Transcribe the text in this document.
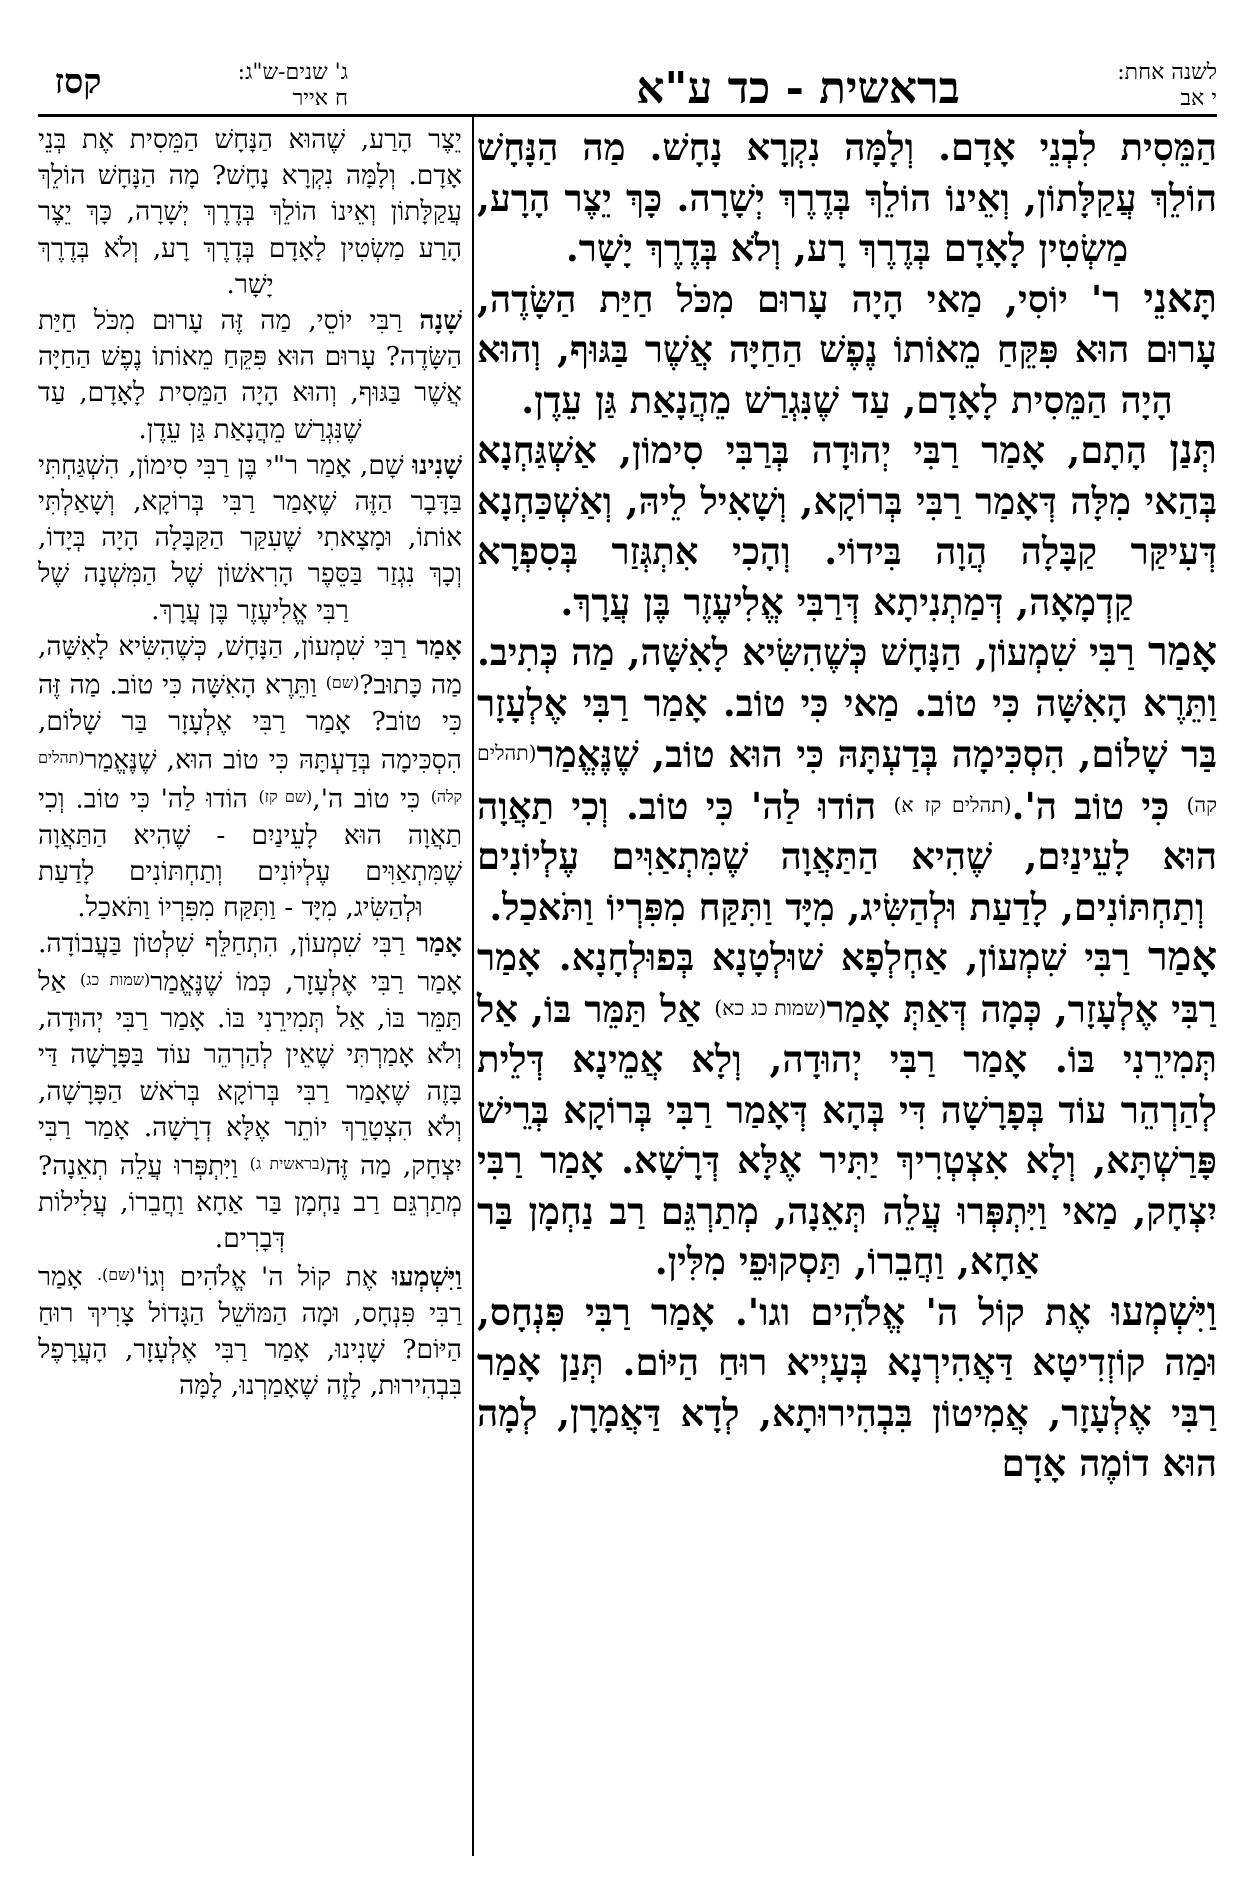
לשנה אחת:
י אב
בראשית - כד ע"א
ג' שנים-ש"ג:
ח אייר
קסז

הַמֵּסִית לִבְנֵי אָדָם. וְלָמָּה נִקְרָא נָחָשׁ. מַה הַנָּחָשׁ הוֹלֵךְ עֲקַלָּתוֹן, וְאֵינוֹ הוֹלֵךְ בְּדֶרֶךְ יְשָׁרָה. כָּךְ יֵצֶר הָרָע, מַשְׂטִין לָאָדָם בְּדֶרֶךְ רָע, וְלֹא בְּדֶרֶךְ יָשָׁר.

תָּאנֵי ר' יוֹסִי, מַאי הָיָה עָרוּם מִכֹּל חַיַּת הַשָּׂדֶה, עָרוּם הוּא פִּקֵּחַ מֵאוֹתוֹ נֶפֶשׁ הַחַיָּה אֲשֶׁר בַּגּוּף, וְהוּא הָיָה הַמֵּסִית לָאָדָם, עַד שֶׁנִּגְרַשׁ מֵהֲנָאַת גַּן עֵדֶן.

תְּנַן הָתָם, אָמַר רַבִּי יְהוּדָה בְּרַבִּי סִימוֹן, אַשְׁגַּחְנָא בְּהַאי מִלָּה דְּאָמַר רַבִּי בְּרוֹקָא, וְשָׁאִיל לֵיהּ, וְאַשְׁכַּחְנָא דְּעִיקַּר קַבָּלָה הֲוָה בִּידוֹי. וְהָכִי אִתְגְּזַר בְּסִפְרָא קַדְמָאָה, דְּמַתְנִיתָא דְּרַבִּי אֱלִיעֶזֶר בֶּן עֲרָךְ.

אָמַר רַבִּי שִׁמְעוֹן, הַנָּחָשׁ כְּשֶׁהִשִּׂיא לָאִשָּׁה, מַה כְּתִיב. וַתֵּרֶא הָאִשָּׁה כִּי טוֹב. מַאי כִּי טוֹב. אָמַר רַבִּי אֶלְעָזָר בַּר שָׁלוֹם, הִסְכִּימָה בְּדַעְתָּהּ כִּי הוּא טוֹב, שֶׁנֶּאֱמַר(תהלים קה) כִּי טוֹב ה'.(תהלים קז א) הוֹדוּ לַה' כִּי טוֹב. וְכִי תַאֲוָה הוּא לָעֵינַיִם, שֶׁהִיא הַתַּאֲוָה שֶׁמִּתְאַוִּים עֶלְיוֹנִים וְתַחְתּוֹנִים, לָדַעַת וּלְהַשִּׂיג, מִיָּד וַתִּקַּח מִפִּרְיוֹ וַתֹּאכַל.

אָמַר רַבִּי שִׁמְעוֹן, אַחְלְפָא שׁוּלְטָנָא בְּפוּלְחָנָא. אָמַר רַבִּי אֶלְעָזָר, כְּמָה דְּאַתְּ אָמַר(שמות כג כא) אַל תַּמֵּר בּוֹ, אַל תְּמִירֵנִי בּוֹ. אָמַר רַבִּי יְהוּדָה, וְלָא אֲמֵינָא דְּלֵית לְהַרְהֵר עוֹד בְּפָרָשָׁה דִּי בְּהָא דְּאָמַר רַבִּי בְּרוֹקָא בְּרֵישׁ פָּרַשְׁתָּא, וְלָא אִצְטְרִיךְ יַתִּיר אֶלָּא דְּרָשָׁא. אָמַר רַבִּי יִצְחָק, מַאי וַיִּתְפְּרוּ עֲלֵה תְּאֵנָה, מְתַרְגֵּם רַב נַחְמָן בַּר אַחָא, וַחֲבֵרוֹ, תַּסְקוּפֵי מִלִּין.

וַיִּשְׁמְעוּ אֶת קוֹל ה' אֱלֹהִים וגו'. אָמַר רַבִּי פִּנְחָס, וּמַה קוֹזְדִיטָא דַּאֲהִירְנָא בְּעָיְיא רוּחַ הַיּוֹם. תְּנַן אָמַר רַבִּי אֶלְעָזָר, אֲמִיטוֹן בִּבְהִירוּתָא, לְדָא דַּאֲמָרָן, לְמָה הוּא דוֹמֶה אָדָם

יֵצֶר הָרַע, שֶׁהוּא הַנָּחָשׁ הַמֵּסִית אֶת בְּנֵי אָדָם. וְלָמָּה נִקְרָא נָחָשׁ? מָה הַנָּחָשׁ הוֹלֵךְ עֲקַלָּתוֹן וְאֵינוֹ הוֹלֵךְ בְּדֶרֶךְ יְשָׁרָה, כָּךְ יֵצֶר הָרַע מַשְׂטִין לָאָדָם בְּדֶרֶךְ רָע, וְלֹא בְּדֶרֶךְ יָשָׁר.

שָׁנָה רַבִּי יוֹסֵי, מַה זֶּה עָרוּם מִכֹּל חַיַּת הַשָּׂדֶה? עָרוּם הוּא פִּקֵּחַ מֵאוֹתוֹ נֶפֶשׁ הַחַיָּה אֲשֶׁר בַּגּוּף, וְהוּא הָיָה הַמֵּסִית לָאָדָם, עַד שֶׁנִּגְרַשׁ מֵהֲנָאַת גַּן עֵדֶן.

שָׁנִינוּ שָׁם, אָמַר ר"י בֶּן רַבִּי סִימוֹן, הִשְׁגַּחְתִּי בַּדָּבָר הַזֶּה שֶׁאָמַר רַבִּי בְּרוֹקָא, וְשָׁאַלְתִּי אוֹתוֹ, וּמָצָאתִי שֶׁעִקַּר הַקַּבָּלָה הָיָה בְּיָדוֹ, וְכָךְ נִגְזַר בַּסֵּפֶר הָרִאשׁוֹן שֶׁל הַמִּשְׁנָה שֶׁל רַבִּי אֱלִיעֶזֶר בֶּן עֲרָךְ.

אָמַר רַבִּי שִׁמְעוֹן, הַנָּחָשׁ, כְּשֶׁהִשִּׂיא לָאִשָּׁה, מַה כָּתוּב?$^{(שם)}$ וַתֵּרֶא הָאִשָּׁה כִּי טוֹב. מַה זֶּה כִּי טוֹב? אָמַר רַבִּי אֶלְעָזָר בַּר שָׁלוֹם, הִסְכִּימָה בְּדַעְתָּהּ כִּי טוֹב הוּא, שֶׁנֶּאֱמַר$^{(תהלים קלה)}$ כִּי טוֹב ה',$^{(שם קז)}$ הוֹדוּ לַה' כִּי טוֹב. וְכִי תַאֲוָה הוּא לָעֵינַיִם - שֶׁהִיא הַתַּאֲוָה שֶׁמִּתְאַוִּים עֶלְיוֹנִים וְתַחְתּוֹנִים לָדַעַת וּלְהַשִּׂיג, מִיָּד - וַתִּקַּח מִפִּרְיוֹ וַתֹּאכַל.

אָמַר רַבִּי שִׁמְעוֹן, הִתְחַלֵּף שִׁלְטוֹן בַּעֲבוֹדָה. אָמַר רַבִּי אֶלְעָזָר, כְּמוֹ שֶׁנֶּאֱמַר$^{(שמות כג)}$ אַל תַּמֵּר בּוֹ, אַל תְּמִירֵנִי בּוֹ. אָמַר רַבִּי יְהוּדָה, וְלֹא אָמַרְתִּי שֶׁאֵין לְהַרְהֵר עוֹד בַּפָּרָשָׁה דַּי בָּזֶה שֶׁאָמַר רַבִּי בְּרוֹקָא בְּרֹאשׁ הַפָּרָשָׁה, וְלֹא הִצְטָרֵךְ יוֹתֵר אֶלָּא דְרָשָׁה. אָמַר רַבִּי יִצְחָק, מַה זֶּה$^{(בראשית ג)}$ וַיִּתְפְּרוּ עֲלֵה תְאֵנָה? מְתַרְגֵּם רַב נַחְמָן בַּר אַחָא וַחֲבֵרוֹ, עֲלִילוֹת דְּבָרִים.

וַיִּשְׁמְעוּ אֶת קוֹל ה' אֱלֹהִים $וְגוֹ'^{(שם).}$ אָמַר רַבִּי פִּנְחָס, וּמָה הַמּוֹשֵׁל הַגָּדוֹל צָרִיךְ רוּחַ הַיּוֹם? שָׁנִינוּ, אָמַר רַבִּי אֶלְעָזָר, הָעֲרָפֶל בִּבְהִירוּת, לָזֶה שֶׁאָמַרְנוּ, לָמָּה
